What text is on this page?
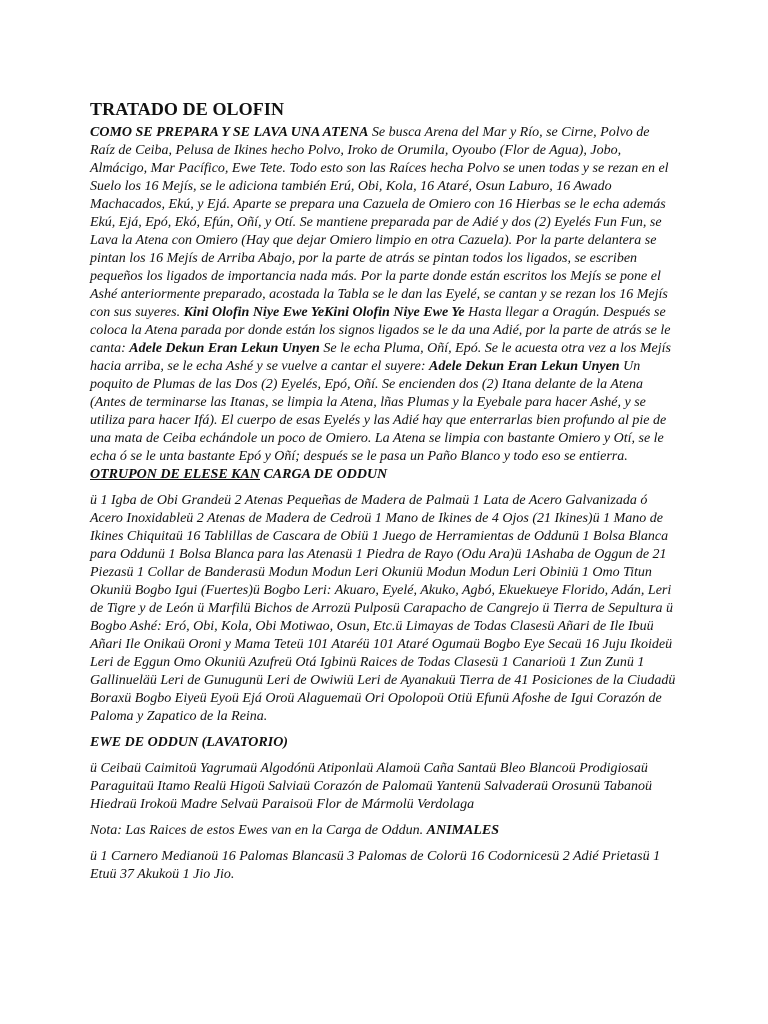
TRATADO DE OLOFIN

COMO SE PREPARA Y SE LAVA UNA ATENA Se busca Arena del Mar y Río, se Cirne, Polvo de Raíz de Ceiba, Pelusa de Ikines hecho Polvo, Iroko de Orumila, Oyoubo (Flor de Agua), Jobo, Almácigo, Mar Pacífico, Ewe Tete. Todo esto son las Raíces hecha Polvo se unen todas y se rezan en el Suelo los 16 Mejís, se le adiciona también Erú, Obi, Kola, 16 Ataré, Osun Laburo, 16 Awado Machacados, Ekú, y Ejá. Aparte se prepara una Cazuela de Omiero con 16 Hierbas se le echa además Ekú, Ejá, Epó, Ekó, Efún, Oñí, y Otí. Se mantiene preparada par de Adié y dos (2) Eyelés Fun Fun, se Lava la Atena con Omiero (Hay que dejar Omiero limpio en otra Cazuela). Por la parte delantera se pintan los 16 Mejís de Arriba Abajo, por la parte de atrás se pintan todos los ligados, se escriben pequeños los ligados de importancia nada más. Por la parte donde están escritos los Mejís se pone el Ashé anteriormente preparado, acostada la Tabla se le dan las Eyelé, se cantan y se rezan los 16 Mejís con sus suyeres. Kini Olofin Niye Ewe YeKini Olofin Niye Ewe Ye Hasta llegar a Oragún. Después se coloca la Atena parada por donde están los signos ligados se le da una Adié, por la parte de atrás se le canta: Adele Dekun Eran Lekun Unyen Se le echa Pluma, Oñí, Epó. Se le acuesta otra vez a los Mejís hacia arriba, se le echa Ashé y se vuelve a cantar el suyere: Adele Dekun Eran Lekun Unyen Un poquito de Plumas de las Dos (2) Eyelés, Epó, Oñí. Se encienden dos (2) Itana delante de la Atena (Antes de terminarse las Itanas, se limpia la Atena, lñas Plumas y la Eyebale para hacer Ashé, y se utiliza para hacer Ifá). El cuerpo de esas Eyelés y las Adié hay que enterrarlas bien profundo al pie de una mata de Ceiba echándole un poco de Omiero. La Atena se limpia con bastante Omiero y Otí, se le echa ó se le unta bastante Epó y Oñí; después se le pasa un Paño Blanco y todo eso se entierra. OTRUPON DE ELESE KAN CARGA DE ODDUN

ü 1 Igba de Obi Grandeü 2 Atenas Pequeñas de Madera de Palmaü 1 Lata de Acero Galvanizada ó Acero Inoxidableü 2 Atenas de Madera de Cedroü 1 Mano de Ikines de 4 Ojos (21 Ikines)ü 1 Mano de Ikines Chiquitaü 16 Tablillas de Cascara de Obiü 1 Juego de Herramientas de Oddunü 1 Bolsa Blanca para Oddunü 1 Bolsa Blanca para las Atenasü 1 Piedra de Rayo (Odu Ara)ü 1Ashaba de Oggun de 21 Piezasü 1 Collar de Banderasü Modun Modun Leri Okuniü Modun Modun Leri Obiniü 1 Omo Titun Okuniü Bogbo Igui (Fuertes)ü Bogbo Leri: Akuaro, Eyelé, Akuko, Agbó, Ekuekueye Florido, Adán, Leri de Tigre y de León ü Marfilü Bichos de Arrozü Pulposü Carapacho de Cangrejo ü Tierra de Sepultura ü Bogbo Ashé: Eró, Obi, Kola, Obi Motiwao, Osun, Etc.ü Limayas de Todas Clasesü Añari de Ile Ibuü Añari Ile Onikaü Oroni y Mama Teteü 101 Ataréü 101 Ataré Ogumaü Bogbo Eye Secaü 16 Juju Ikoideü Leri de Eggun Omo Okuniü Azufreü Otá Igbinü Raices de Todas Clasesü 1 Canarioü 1 Zun Zunü 1 Gallinueläü Leri de Gunugunü Leri de Owiwiü Leri de Ayanakuü Tierra de 41 Posiciones de la Ciudadü Boraxü Bogbo Eiyeü Eyoü Ejá Oroü Alaguemaü Ori Opolopoü Otiü Efunü Afoshe de Igui Corazón de Paloma y Zapatico de la Reina.

EWE DE ODDUN (LAVATORIO)

ü Ceibaü Caimitoü Yagrumaü Algodónü Atiponlaü Alamoü Caña Santaü Bleo Blancoü Prodigiosaü Paraguitaü Itamo Realü Higoü Salviaü Corazón de Palomaü Yantenü Salvaderaü Orosunü Tabanoü Hiedraü Irokoü Madre Selvaü Paraisoü Flor de Mármolü Verdolaga

Nota: Las Raices de estos Ewes van en la Carga de Oddun. ANIMALES

ü 1 Carnero Medianoü 16 Palomas Blancasü 3 Palomas de Colorü 16 Codornicesü 2 Adié Prietasü 1 Etuü 37 Akukoü 1 Jio Jio.
